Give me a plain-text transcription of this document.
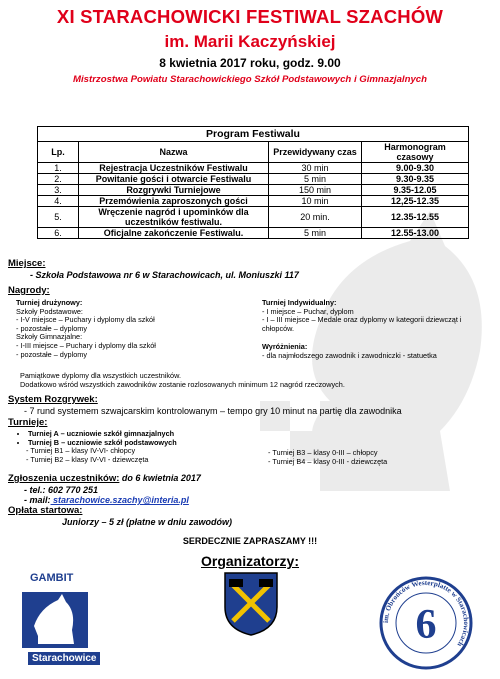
XI STARACHOWICKI FESTIWAL SZACHÓW
im. Marii Kaczyńskiej
8 kwietnia 2017 roku, godz. 9.00
Mistrzostwa Powiatu Starachowickiego Szkół Podstawowych i Gimnazjalnych
Program Festiwalu			
Lp.	Nazwa	Przewidywany czas	Harmonogram czasowy
1.	Rejestracja Uczestników Festiwalu	30 min	9.00-9.30
2.	Powitanie gości i otwarcie Festiwalu	5 min	9.30-9.35
3.	Rozgrywki Turniejowe	150 min	9.35-12.05
4.	Przemówienia zaproszonych gości	10 min	12,25-12.35
5.	Wręczenie nagród i upominków dla uczestników festiwalu.	20 min.	12.35-12.55
6.	Oficjalne zakończenie Festiwalu.	5 min	12.55-13.00
Miejsce:
- Szkoła Podstawowa nr 6 w Starachowicach, ul. Moniuszki 117
Nagrody:
Turniej drużynowy:
Szkoły Podstawowe:
- I-V miejsce – Puchary i dyplomy dla szkół
- pozostałe – dyplomy
Szkoły Gimnazjalne:
- I-III miejsce – Puchary i dyplomy dla szkół
- pozostałe – dyplomy
Turniej Indywidualny:
- I miejsce – Puchar, dyplom
- I – III miejsce – Medale oraz dyplomy w kategorii dziewcząt i chłopców.
Wyróżnienia:
- dla najmłodszego zawodnik i zawodniczki - statuetka
Pamiątkowe dyplomy dla wszystkich uczestników.
Dodatkowo wśród wszystkich zawodników zostanie rozlosowanych minimum 12 nagród rzeczowych.
System Rozgrywek:
- 7 rund systemem szwajcarskim kontrolowanym – tempo gry 10 minut na partię dla zawodnika
Turnieje:
• Turniej A – uczniowie szkół gimnazjalnych
• Turniej B – uczniowie szkół podstawowych
- Turniej B1 – klasy IV-VI- chłopcy
- Turniej B2 – klasy IV-VI - dziewczęta
- Turniej B3 – klasy 0-III – chłopcy
- Turniej B4 – klasy 0-III - dziewczęta
Zgłoszenia uczestników: do 6 kwietnia 2017
- tel.: 602 770 251
- mail: starachowice.szachy@interia.pl
Opłata startowa:
Juniorzy – 5 zł (płatne w dniu zawodów)
SERDECZNIE ZAPRASZAMY !!!
Organizatorzy:
GAMBIT
Starachowice
6
im. Obrońców Westerplatte w Starachowicach
